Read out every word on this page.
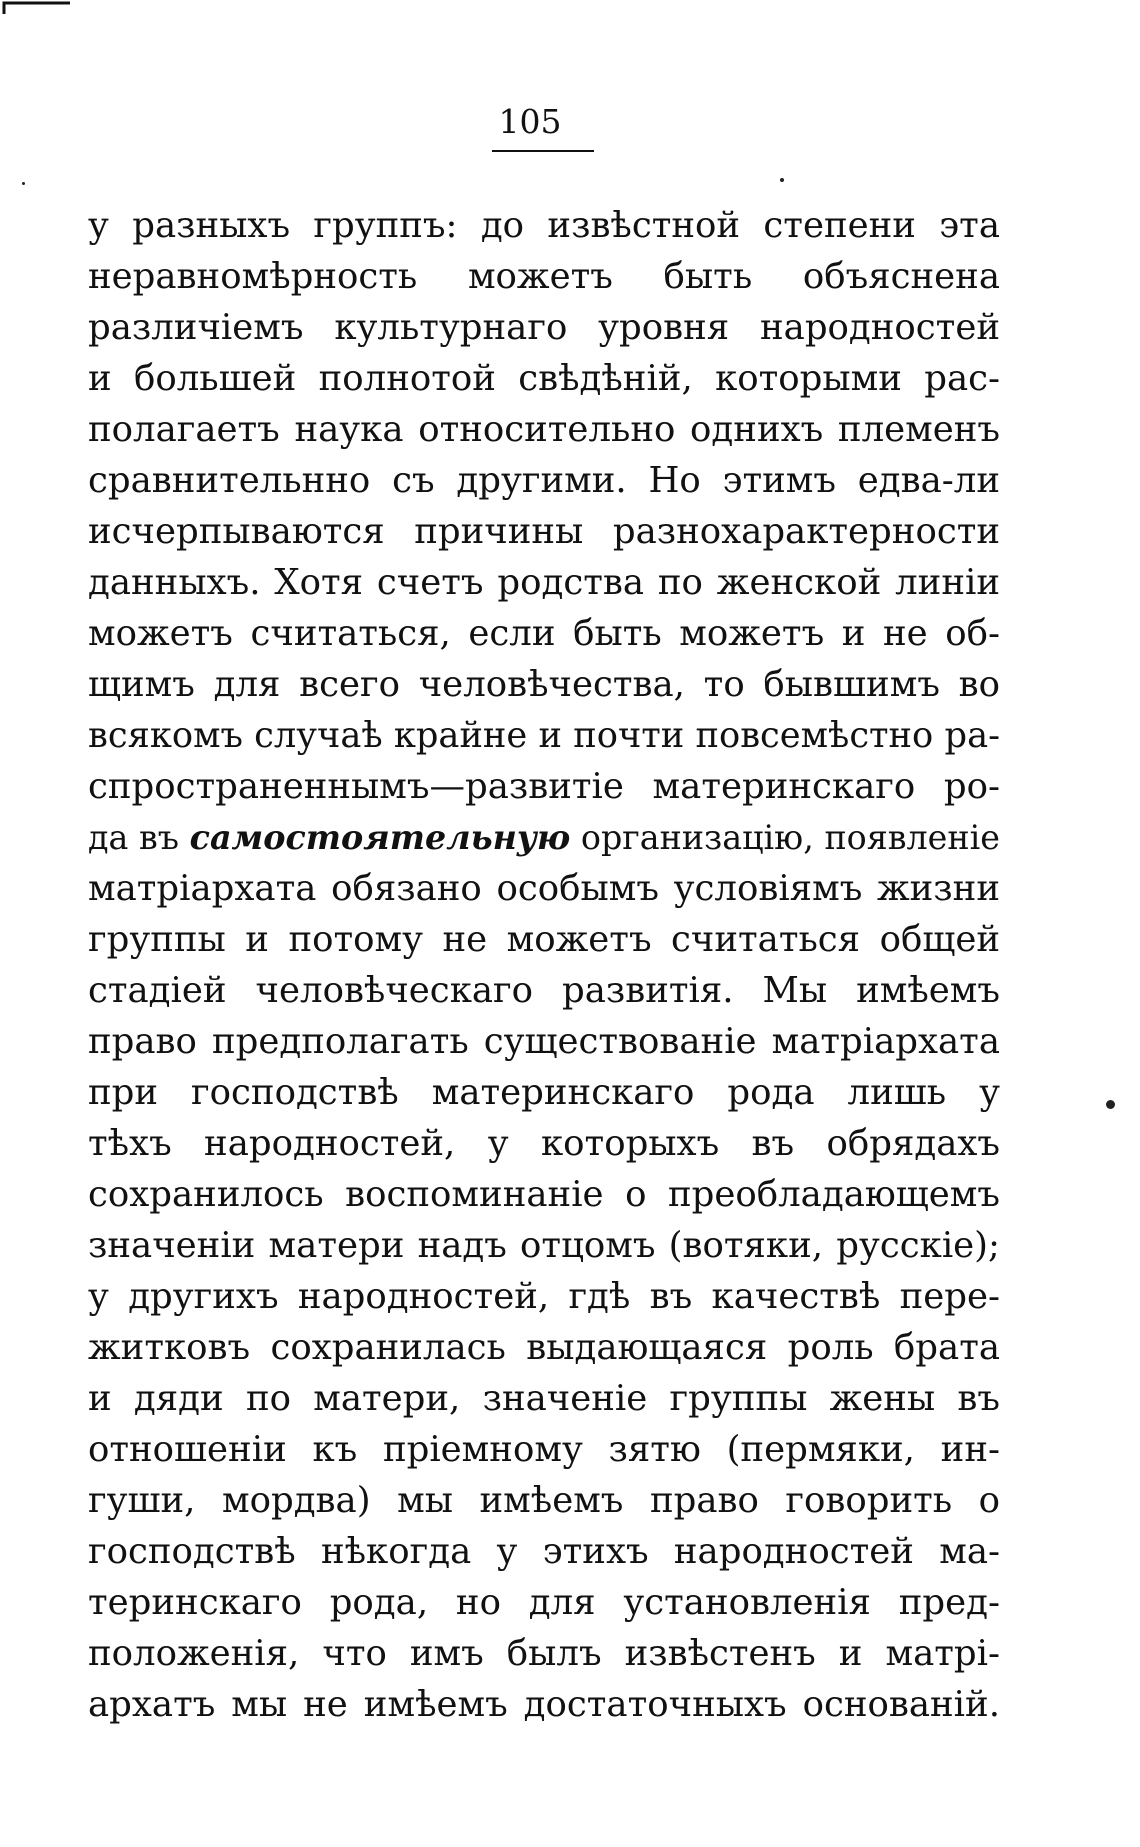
105
у разныхъ группъ: до извѣстной степени эта
неравномѣрность можетъ быть объяснена
различіемъ культурнаго уровня народностей
и большей полнотой свѣдѣній, которыми рас-
полагаетъ наука относительно однихъ племенъ
сравнительнно съ другими. Но этимъ едва-ли
исчерпываются причины разнохарактерности
данныхъ. Хотя счетъ родства по женской линіи
можетъ считаться, если быть можетъ и не об-
щимъ для всего человѣчества, то бывшимъ во
всякомъ случаѣ крайне и почти повсемѣстно ра-
спространеннымъ—развитіе материнскаго ро-
да въ самостоятельную организацію, появленіе
матріархата обязано особымъ условіямъ жизни
группы и потому не можетъ считаться общей
стадіей человѣческаго развитія. Мы имѣемъ
право предполагать существованіе матріархата
при господствѣ материнскаго рода лишь у
тѣхъ народностей, у которыхъ въ обрядахъ
сохранилось воспоминаніе о преобладающемъ
значеніи матери надъ отцомъ (вотяки, русскіе);
у другихъ народностей, гдѣ въ качествѣ пере-
житковъ сохранилась выдающаяся роль брата
и дяди по матери, значеніе группы жены въ
отношеніи къ пріемному зятю (пермяки, ин-
гуши, мордва) мы имѣемъ право говорить о
господствѣ нѣкогда у этихъ народностей ма-
теринскаго рода, но для установленія пред-
положенія, что имъ былъ извѣстенъ и матрі-
архатъ мы не имѣемъ достаточныхъ основаній.
